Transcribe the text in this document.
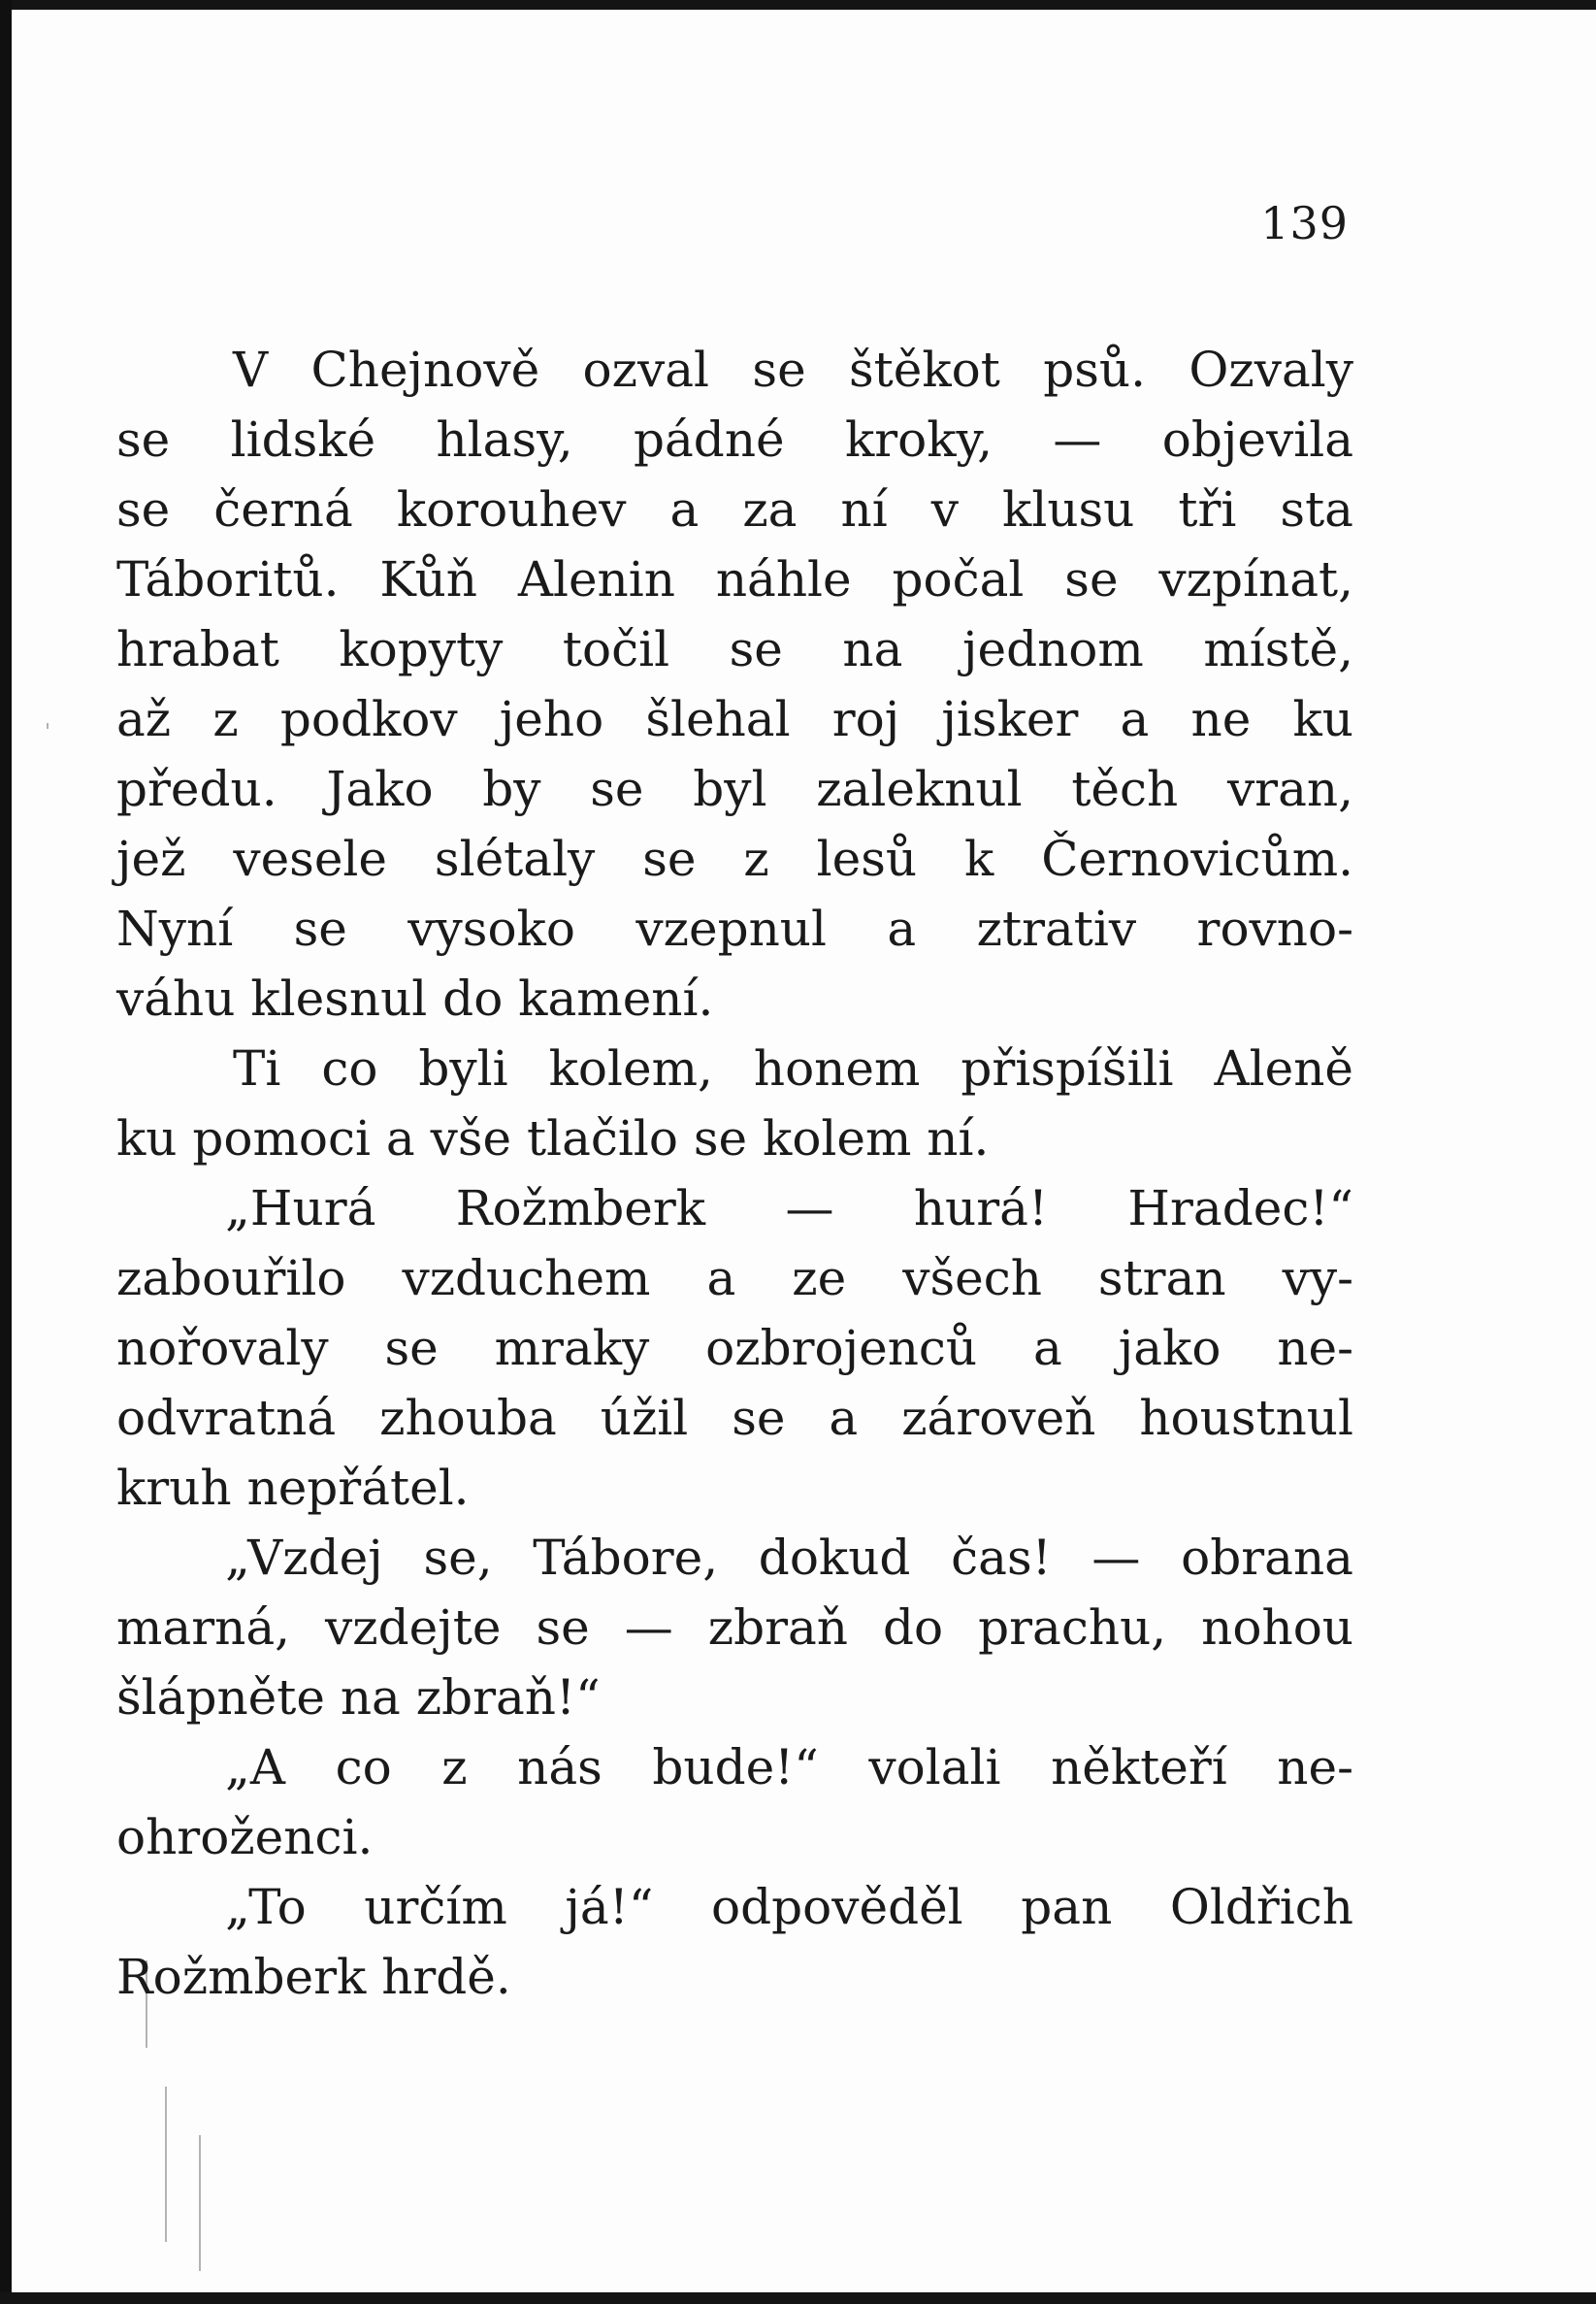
139
V Chejnově ozval se štěkot psů. Ozvaly
se lidské hlasy, pádné kroky, — objevila
se černá korouhev a za ní v klusu tři sta
Táboritů. Kůň Alenin náhle počal se vzpínat,
hrabat kopyty točil se na jednom místě,
až z podkov jeho šlehal roj jisker a ne ku
předu. Jako by se byl zaleknul těch vran,
jež vesele slétaly se z lesů k Černovicům.
Nyní se vysoko vzepnul a ztrativ rovno-
váhu klesnul do kamení.
Ti co byli kolem, honem přispíšili Aleně
ku pomoci a vše tlačilo se kolem ní.
„Hurá Rožmberk — hurá! Hradec!“
zabouřilo vzduchem a ze všech stran vy-
nořovaly se mraky ozbrojenců a jako ne-
odvratná zhouba úžil se a zároveň houstnul
kruh nepřátel.
„Vzdej se, Tábore, dokud čas! — obrana
marná, vzdejte se — zbraň do prachu, nohou
šlápněte na zbraň!“
„A co z nás bude!“ volali někteří ne-
ohroženci.
„To určím já!“ odpověděl pan Oldřich
Rožmberk hrdě.
